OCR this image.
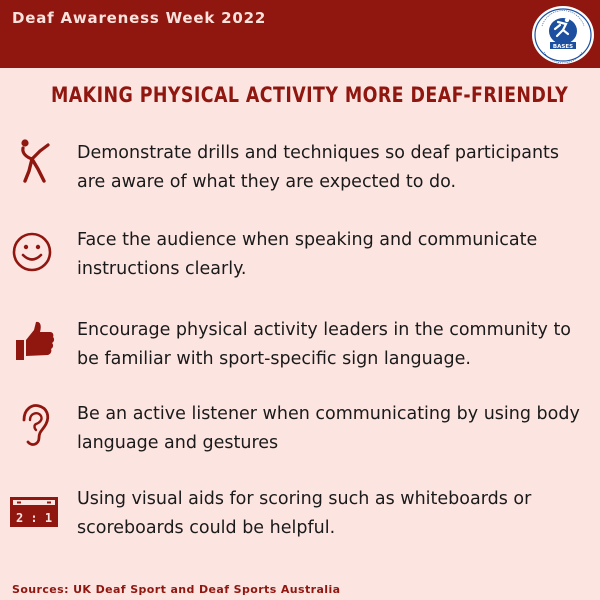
Deaf Awareness Week 2022
BASES
MAKING PHYSICAL ACTIVITY MORE DEAF-FRIENDLY
Demonstrate drills and techniques so deaf participants are aware of what they are expected to do.
Face the audience when speaking and communicate instructions clearly.
Encourage physical activity leaders in the community to be familiar with sport-specific sign language.
Be an active listener when communicating by using body language and gestures
2 : 1
Using visual aids for scoring such as whiteboards or scoreboards could be helpful.
Sources: UK Deaf Sport and Deaf Sports Australia
